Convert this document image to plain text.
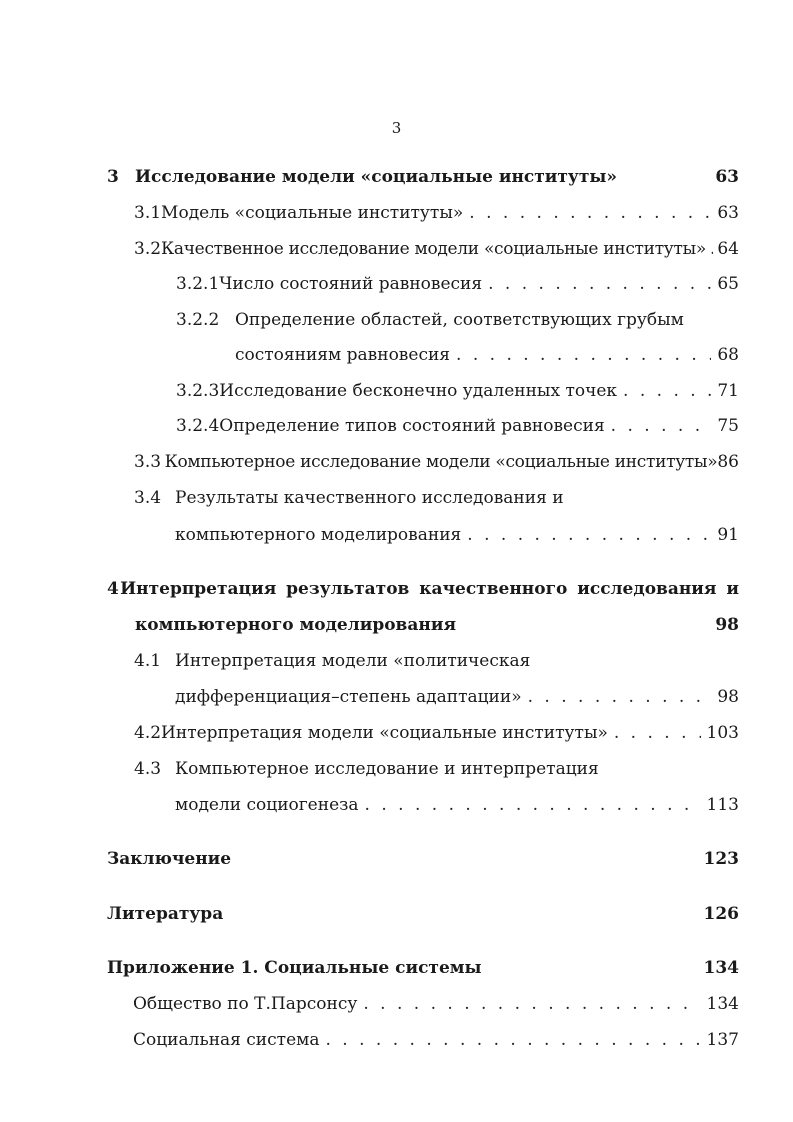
3
3 Исследование модели «социальные институты»	63
3.1 Модель «социальные институты» . . .	63
3.2 Качественное исследование модели «социальные институты» . . . 64
3.2.1 Число состояний равновесия . . .	65
3.2.2 Определение областей, соответствующих грубым
состояниям равновесия . . .	68
3.2.3 Исследование бесконечно удаленных точек . . .	71
3.2.4 Определение типов состояний равновесия . . .	75
3.3 Компьютерное исследование модели «социальные институты» 86
3.4 Результаты качественного исследования и
компьютерного моделирования . . .	91
4 Интерпретация результатов качественного исследования и
компьютерного моделирования	98
4.1 Интерпретация модели «политическая
дифференциация–степень адаптации» . . .	98
4.2 Интерпретация модели «социальные институты» . . .	103
4.3 Компьютерное исследование и интерпретация
модели социогенеза . . .	113
Заключение	123
Литература	126
Приложение 1. Социальные системы	134
Общество по Т.Парсонсу . . .	134
Социальная система . . .	137
